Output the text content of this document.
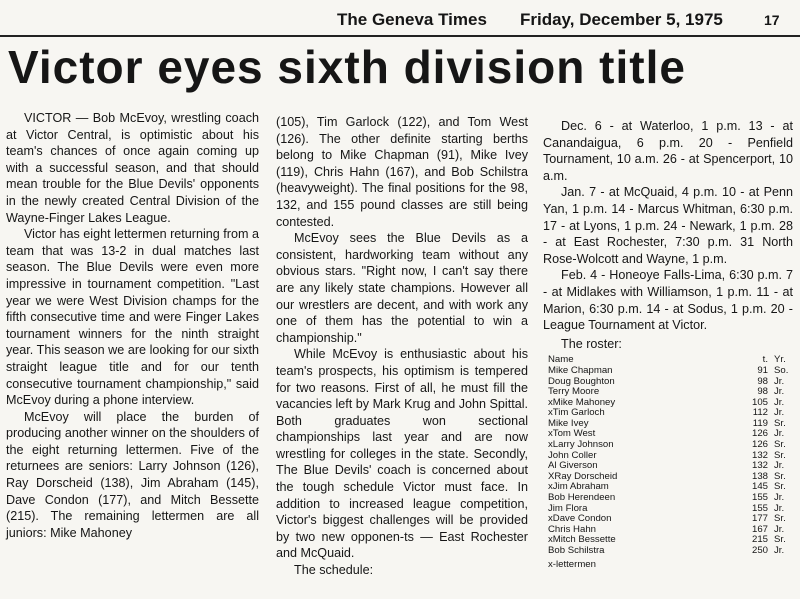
The Geneva Times Friday, December 5, 1975	17
Victor eyes sixth division title

VICTOR — Bob McEvoy, wrestling coach at Victor Central, is optimistic about his team's chances of once again coming up with a successful season, and that should mean trouble for the Blue Devils' opponents in the newly created Central Division of the Wayne-Finger Lakes League.

Victor has eight lettermen returning from a team that was 13-2 in dual matches last season. The Blue Devils were even more impressive in tournament competition. "Last year we were West Division champs for the fifth consecutive time and were Finger Lakes tournament winners for the ninth straight year. This season we are looking for our sixth straight league title and for our tenth consecutive tournament championship," said McEvoy during a phone interview.

McEvoy will place the burden of producing another winner on the shoulders of the eight returning lettermen. Five of the returnees are seniors: Larry Johnson (126), Ray Dorscheid (138), Jim Abraham (145), Dave Condon (177), and Mitch Bessette (215). The remaining lettermen are all juniors: Mike Mahoney

(105), Tim Garlock (122), and Tom West (126). The other definite starting berths belong to Mike Chapman (91), Mike Ivey (119), Chris Hahn (167), and Bob Schilstra (heavyweight). The final positions for the 98, 132, and 155 pound classes are still being contested.

McEvoy sees the Blue Devils as a consistent, hardworking team without any obvious stars. "Right now, I can't say there are any likely state champions. However all our wrestlers are decent, and with work any one of them has the potential to win a championship."

While McEvoy is enthusiastic about his team's prospects, his optimism is tempered for two reasons. First of all, he must fill the vacancies left by Mark Krug and John Spittal. Both graduates won sectional championships last year and are now wrestling for colleges in the state. Secondly, The Blue Devils' coach is concerned about the tough schedule Victor must face. In addition to increased league competition, Victor's biggest challenges will be provided by two new opponen-ts — East Rochester and McQuaid.

The schedule:

Dec. 6 - at Waterloo, 1 p.m. 13 - at Canandaigua, 6 p.m. 20 - Penfield Tournament, 10 a.m. 26 - at Spencerport, 10 a.m.

Jan. 7 - at McQuaid, 4 p.m. 10 - at Penn Yan, 1 p.m. 14 - Marcus Whitman, 6:30 p.m. 17 - at Lyons, 1 p.m. 24 - Newark, 1 p.m. 28 - at East Rochester, 7:30 p.m. 31 North Rose-Wolcott and Wayne, 1 p.m.

Feb. 4 - Honeoye Falls-Lima, 6:30 p.m. 7 - at Midlakes with Williamson, 1 p.m. 11 - at Marion, 6:30 p.m. 14 - at Sodus, 1 p.m. 20 - League Tournament at Victor.

The roster:

Name	t.	Yr.
Mike Chapman	91	So.
Doug Boughton	98	Jr.
Terry Moore	98	Jr.
xMike Mahoney	105	Jr.
xTim Garloch	112	Jr.
Mike Ivey	119	Sr.
xTom West	126	Jr.
xLarry Johnson	126	Sr.
John Coller	132	Sr.
Al Giverson	132	Jr.
XRay Dorscheid	138	Sr.
xJim Abraham	145	Sr.
Bob Herendeen	155	Jr.
Jim Flora	155	Jr.
xDave Condon	177	Sr.
Chris Hahn	167	Jr.
xMitch Bessette	215	Sr.
Bob Schilstra	250	Jr.
x-lettermen
